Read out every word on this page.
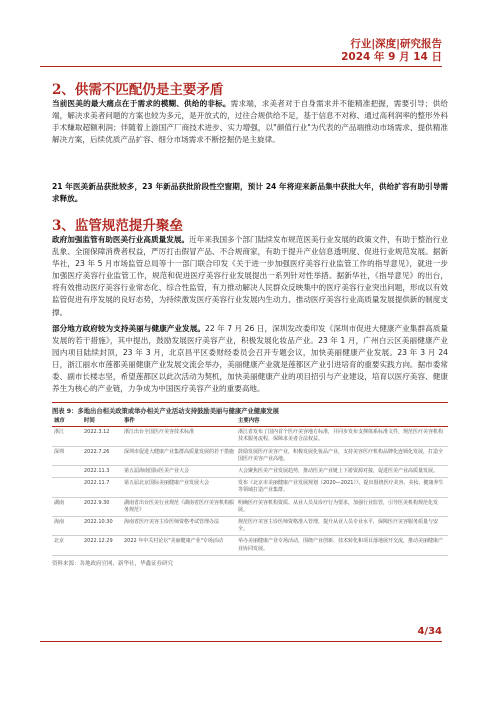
行业|深度|研究报告
2024 年 9 月 14 日
2、供需不匹配仍是主要矛盾
当前医美的最大痛点在于需求的模糊、供给的非标。需求端，求美者对于自身需求并不能精准把握，需要引导；供给端，解决求美者问题的方案也较为多元，是开放式的，过往合规供给不足，基于信息不对称、通过高利润率的整形外科手术赚取超额利润；伴随着上游国产厂商技术进步、实力增强，以"颜值行业"为代表的产品端推动市场需求、提供精准解决方案，后续优质产品扩容、细分市场需求不断挖掘仍是主旋律。
21 年医美新品获批较多，23 年新品获批阶段性空窗期，预计 24 年将迎来新品集中获批大年，供给扩容有助引导需求释放。
3、监管规范提升聚垒
政府加强监管有助医美行业高质量发展。近年来我国多个部门陆续发布规范医美行业发展的政策文件，有助于整治行业乱象、全面保障消费者权益，严厉打击假冒产品、不合规商家，有助于提升产业信息透明度、促进行业规范发展。据新华社，23 年 5 月市场监管总局等十一部门联合印发《关于进一步加强医疗美容行业监管工作的指导意见》，就进一步加强医疗美容行业监管工作，规范和促进医疗美容行业发展提出一系列针对性举措。据新华社，《指导意见》的出台，将有效推动医疗美容行业常态化、综合性监管，有力推动解决人民群众反映集中的医疗美容行业突出问题，形成以有效监管促进有序发展的良好态势，为持续激发医疗美容行业发展内生动力、推动医疗美容行业高质量发展提供新的制度支撑。
部分地方政府较为支持美丽与健康产业发展。22 年 7 月 26 日，深圳发改委印发《深圳市促进大健康产业集群高质量发展的若干措施》，其中提出，鼓励发展医疗美容产业，积极发展化妆品产业。23 年 1 月，广州白云区美丽健康产业园内项目陆续封顶，23 年 3 月，北京昌平区委财经委员会召开专题会议，加快美丽健康产业发展。23 年 3 月 24 日，浙江丽水市莲都美丽健康产业发展交流会举办，美丽健康产业就是莲都区产业引进培育的重要实践方向。据市委常委、副市长楼志坚，希望莲都区以此次活动为契机，加快美丽健康产业的项目招引与产业建设，培育以医疗美容、健康养生为核心的产业链，力争成为中国医疗美容产业的重要高地。
图表 9：多地出台相关政策或举办相关产业活动支持鼓励美丽与健康产业健康发展
城市	时间	事件	主要内容
浙江	2022.3.12	浙江出台全国医疗美容技术标准	浙江省发布了国内首个医疗美容地方标准，并同步发布支撑体系标准文件，规范医疗美容机构技术服务流程，保障求美者合法权益。
深圳	2022.7.26	深圳市促进大健康产业集群高质量发展的若干措施	鼓励发展医疗美容产业，积极发展化妆品产业，支持美容医疗机构品牌化连锁化发展，打造全国医疗美容产业高地。
	2022.11.3	第五届海南国际医美产业大会	大会聚焦医美产业发展趋势，推动医美产业链上下游资源对接，促进医美产业高质量发展。
	2022.11.7	第五届北京国际美丽健康产业发展大会	发布《北京市美丽健康产业发展规划（2020—2021）》，提出围绕医疗美容、美妆、健康养生等领域打造产业集群。
湖南	2022.9.30	湖南省出台医美行业规范《湖南省医疗美容机构服务规范》	明确医疗美容机构资质、从业人员及诊疗行为要求，加强行业监管，引导医美机构规范化发展。
海南	2022.10.30	海南省医疗美容主诊医师资格考试管理办法	规范医疗美容主诊医师资格准入管理，提升从业人员专业水平，保障医疗美容服务质量与安全。
北京	2022.12.29	2022 年中关村论坛"美丽健康产业"专场活动	举办美丽健康产业专场活动，围绕产业创新、技术转化和项目落地展开交流，推动美丽健康产业协同发展。
资料来源：各地政府官网，新华社，华鑫证券研究
4/34
